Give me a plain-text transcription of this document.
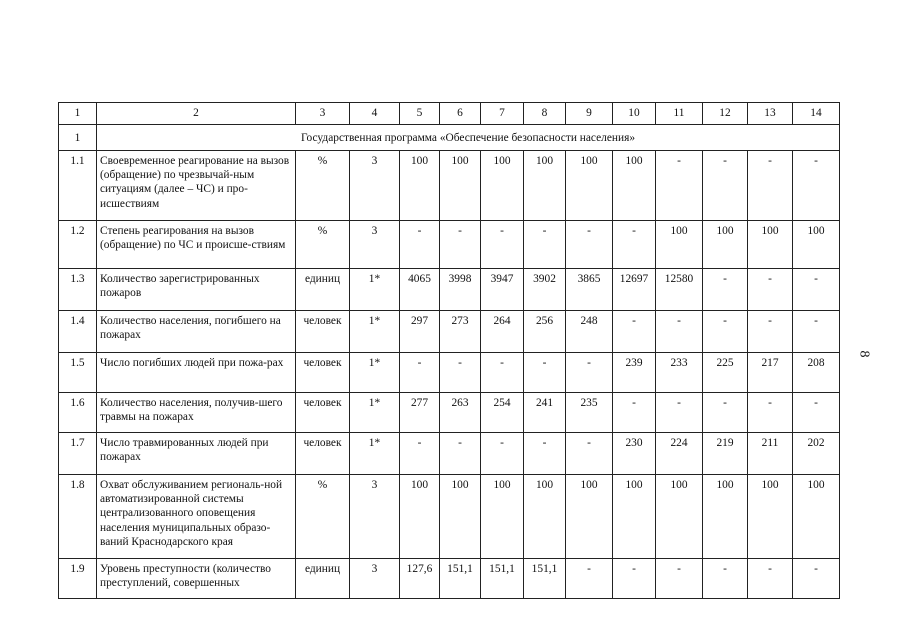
8
1	2	3	4	5	6	7	8	9	10	11	12	13	14
1	Государственная программа «Обеспечение безопасности населения»												
1.1	Своевременное реагирование на вызов (обращение) по чрезвычай-ным ситуациям (далее – ЧС) и про-исшествиям	%	3	100	100	100	100	100	100	-	-	-	-
1.2	Степень реагирования на вызов (обращение) по ЧС и происше-ствиям	%	3	-	-	-	-	-	-	100	100	100	100
1.3	Количество зарегистрированных пожаров	единиц	1*	4065	3998	3947	3902	3865	12697	12580	-	-	-
1.4	Количество населения, погибшего на пожарах	человек	1*	297	273	264	256	248	-	-	-	-	-
1.5	Число погибших людей при пожа-рах	человек	1*	-	-	-	-	-	239	233	225	217	208
1.6	Количество населения, получив-шего травмы на пожарах	человек	1*	277	263	254	241	235	-	-	-	-	-
1.7	Число травмированных людей при пожарах	человек	1*	-	-	-	-	-	230	224	219	211	202
1.8	Охват обслуживанием региональ-ной автоматизированной системы централизованного оповещения населения муниципальных образо-ваний Краснодарского края	%	3	100	100	100	100	100	100	100	100	100	100
1.9	Уровень преступности (количество преступлений, совершенных	единиц	3	127,6	151,1	151,1	151,1	-	-	-	-	-	-
